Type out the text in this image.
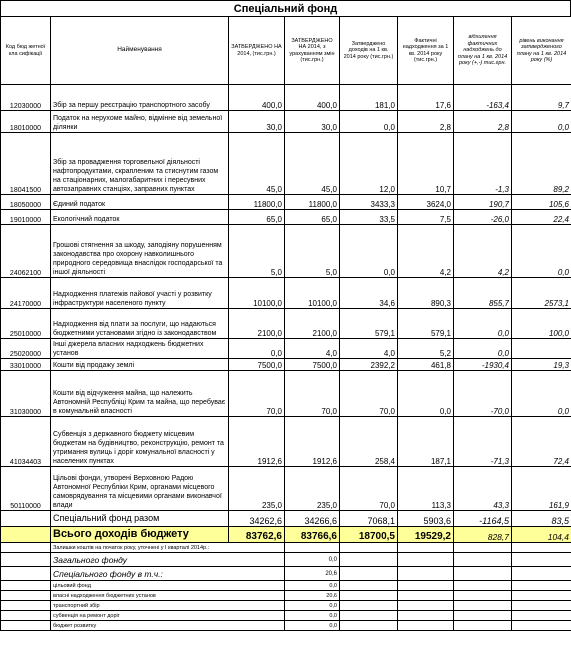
Спеціальний фонд
Код бюд жетної кла сифікації	Найменування	ЗАТВЕРДЖЕНО НА 2014, (тис.грн.)	ЗАТВЕРДЖЕНО НА 2014, з урахуванням змін (тис.грн.)	Затверджено доходів на 1 кв. 2014 року (тис.грн.)	Фактичні надходження за 1 кв. 2014 року (тис.грн.)	відхилення фактичних надходжень до плану на 1 кв. 2014 року (+,-) тис.грн.	рівень виконання затвердженого плану на 1 кв. 2014 року (%)
12030000	Збір за першу реєстрацію транспортного засобу	400,0	400,0	181,0	17,6	-163,4	9,7
18010000	Податок на нерухоме майно, відмінне від земельної ділянки	30,0	30,0	0,0	2,8	2,8	0,0
18041500	Збір за провадження торговельної діяльності нафтопродуктами, скрапленим та стиснутим газом на стаціонарних, малогабаритних і пересувних автозаправних станціях, заправних пунктах	45,0	45,0	12,0	10,7	-1,3	89,2
18050000	Єдиний податок	11800,0	11800,0	3433,3	3624,0	190,7	105,6
19010000	Екологічний податок	65,0	65,0	33,5	7,5	-26,0	22,4
24062100	Грошові стягнення за шкоду, заподіяну порушенням законодавства про охорону навколишнього природного середовища внаслідок господарської та іншої діяльності	5,0	5,0	0,0	4,2	4,2	0,0
24170000	Надходження платежів пайової участі у розвитку інфраструктури населеного пункту	10100,0	10100,0	34,6	890,3	855,7	2573,1
25010000	Надходження від плати за послуги, що надаються бюджетними установами згідно із законодавством	2100,0	2100,0	579,1	579,1	0,0	100,0
25020000	Інші джерела власних надходжень бюджетних установ	0,0	4,0	4,0	5,2	0,0	
33010000	Кошти від продажу землі	7500,0	7500,0	2392,2	461,8	-1930,4	19,3
31030000	Кошти від відчуження майна, що належить Автономній Республіці Крим та майна, що перебуває в комунальній власності	70,0	70,0	70,0	0,0	-70,0	0,0
41034403	Субвенція з державного бюджету місцевим бюджетам на будівництво, реконструкцію, ремонт та утримання вулиць і доріг комунальної власності у населених пунктах	1912,6	1912,6	258,4	187,1	-71,3	72,4
50110000	Цільові фонди, утворені Верховною Радою Автономної Республіки Крим, органами місцевого самоврядування та місцевими органами виконавчої влади	235,0	235,0	70,0	113,3	43,3	161,9
	Спеціальний фонд разом	34262,6	34266,6	7068,1	5903,6	-1164,5	83,5
	Всього доходів бюджету	83762,6	83766,6	18700,5	19529,2	828,7	104,4
	Залишки коштів на початок року, уточнені у I кварталі 2014р.:						
	Загального фонду		0,0				
	Спеціального фонду в т.ч.:		20,6				
	цільовий фонд		0,0				
	власні надходження бюджетних установ		20,6				
	транспортний збір		0,0				
	субвенція на ремонт доріг		0,0				
	бюджет розвитку		0,0				
